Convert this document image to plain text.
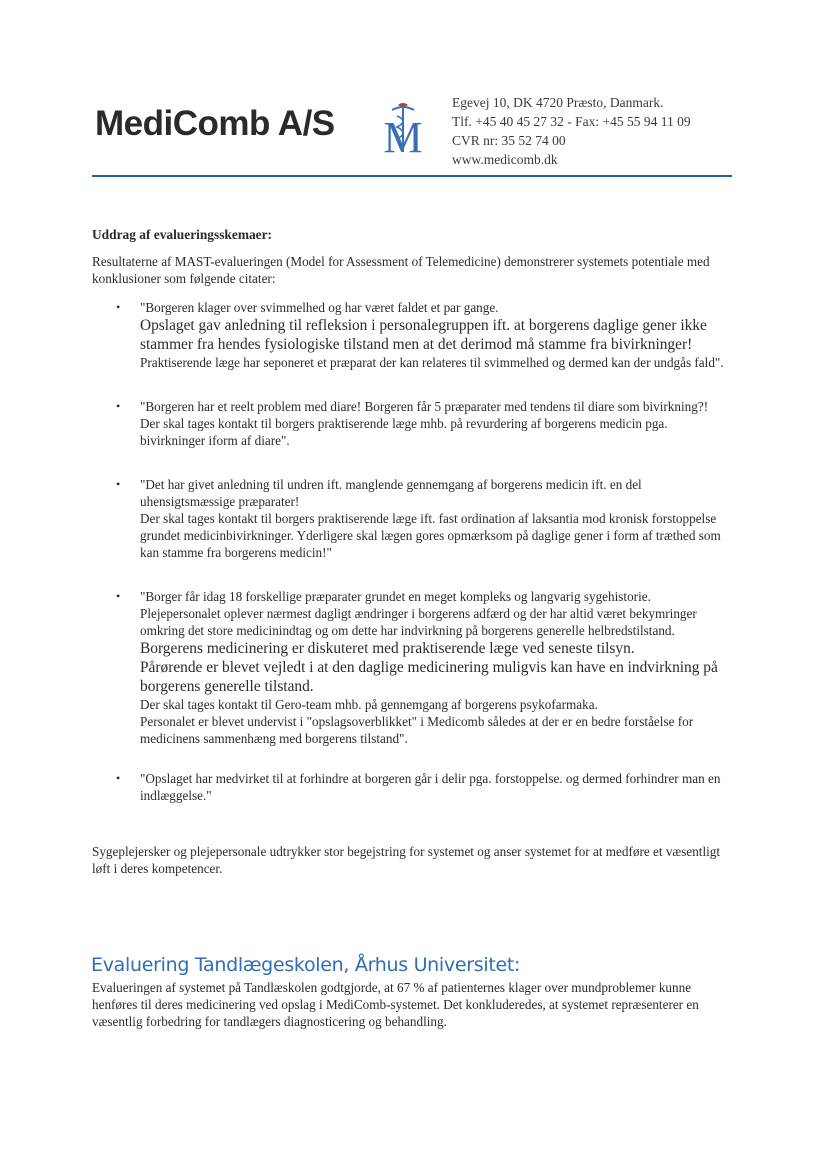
MediComb A/S M
Egevej 10, DK 4720 Præsto, Danmark.
Tlf. +45 40 45 27 32 - Fax: +45 55 94 11 09
CVR nr: 35 52 74 00
www.medicomb.dk

Uddrag af evalueringsskemaer:

Resultaterne af MAST-evalueringen (Model for Assessment of Telemedicine) demonstrerer systemets potentiale med konklusioner som følgende citater:

• "Borgeren klager over svimmelhed og har været faldet et par gange.

Opslaget gav anledning til refleksion i personalegruppen ift. at borgerens daglige gener ikke stammer fra hendes fysiologiske tilstand men at det derimod må stamme fra bivirkninger!

Praktiserende læge har seponeret et præparat der kan relateres til svimmelhed og dermed kan der undgås fald".

• "Borgeren har et reelt problem med diare! Borgeren får 5 præparater med tendens til diare som bivirkning?!

Der skal tages kontakt til borgers praktiserende læge mhb. på revurdering af borgerens medicin pga. bivirkninger iform af diare".

• "Det har givet anledning til undren ift. manglende gennemgang af borgerens medicin ift. en del uhensigtsmæssige præparater!

Der skal tages kontakt til borgers praktiserende læge ift. fast ordination af laksantia mod kronisk forstoppelse grundet medicinbivirkninger. Yderligere skal lægen gores opmærksom på daglige gener i form af træthed som kan stamme fra borgerens medicin!"

• "Borger får idag 18 forskellige præparater grundet en meget kompleks og langvarig sygehistorie.

Plejepersonalet oplever nærmest dagligt ændringer i borgerens adfærd og der har altid været bekymringer omkring det store medicinindtag og om dette har indvirkning på borgerens generelle helbredstilstand.

Borgerens medicinering er diskuteret med praktiserende læge ved seneste tilsyn.

Pårørende er blevet vejledt i at den daglige medicinering muligvis kan have en indvirkning på borgerens generelle tilstand.

Der skal tages kontakt til Gero-team mhb. på gennemgang af borgerens psykofarmaka.

Personalet er blevet undervist i "opslagsoverblikket" i Medicomb således at der er en bedre forståelse for medicinens sammenhæng med borgerens tilstand".

• "Opslaget har medvirket til at forhindre at borgeren går i delir pga. forstoppelse. og dermed forhindrer man en indlæggelse."

Sygeplejersker og plejepersonale udtrykker stor begejstring for systemet og anser systemet for at medføre et væsentligt løft i deres kompetencer.

Evaluering Tandlægeskolen, Århus Universitet:

Evalueringen af systemet på Tandlæskolen godtgjorde, at 67 % af patienternes klager over mundproblemer kunne henføres til deres medicinering ved opslag i MediComb-systemet. Det konkluderedes, at systemet repræsenterer en væsentlig forbedring for tandlægers diagnosticering og behandling.
